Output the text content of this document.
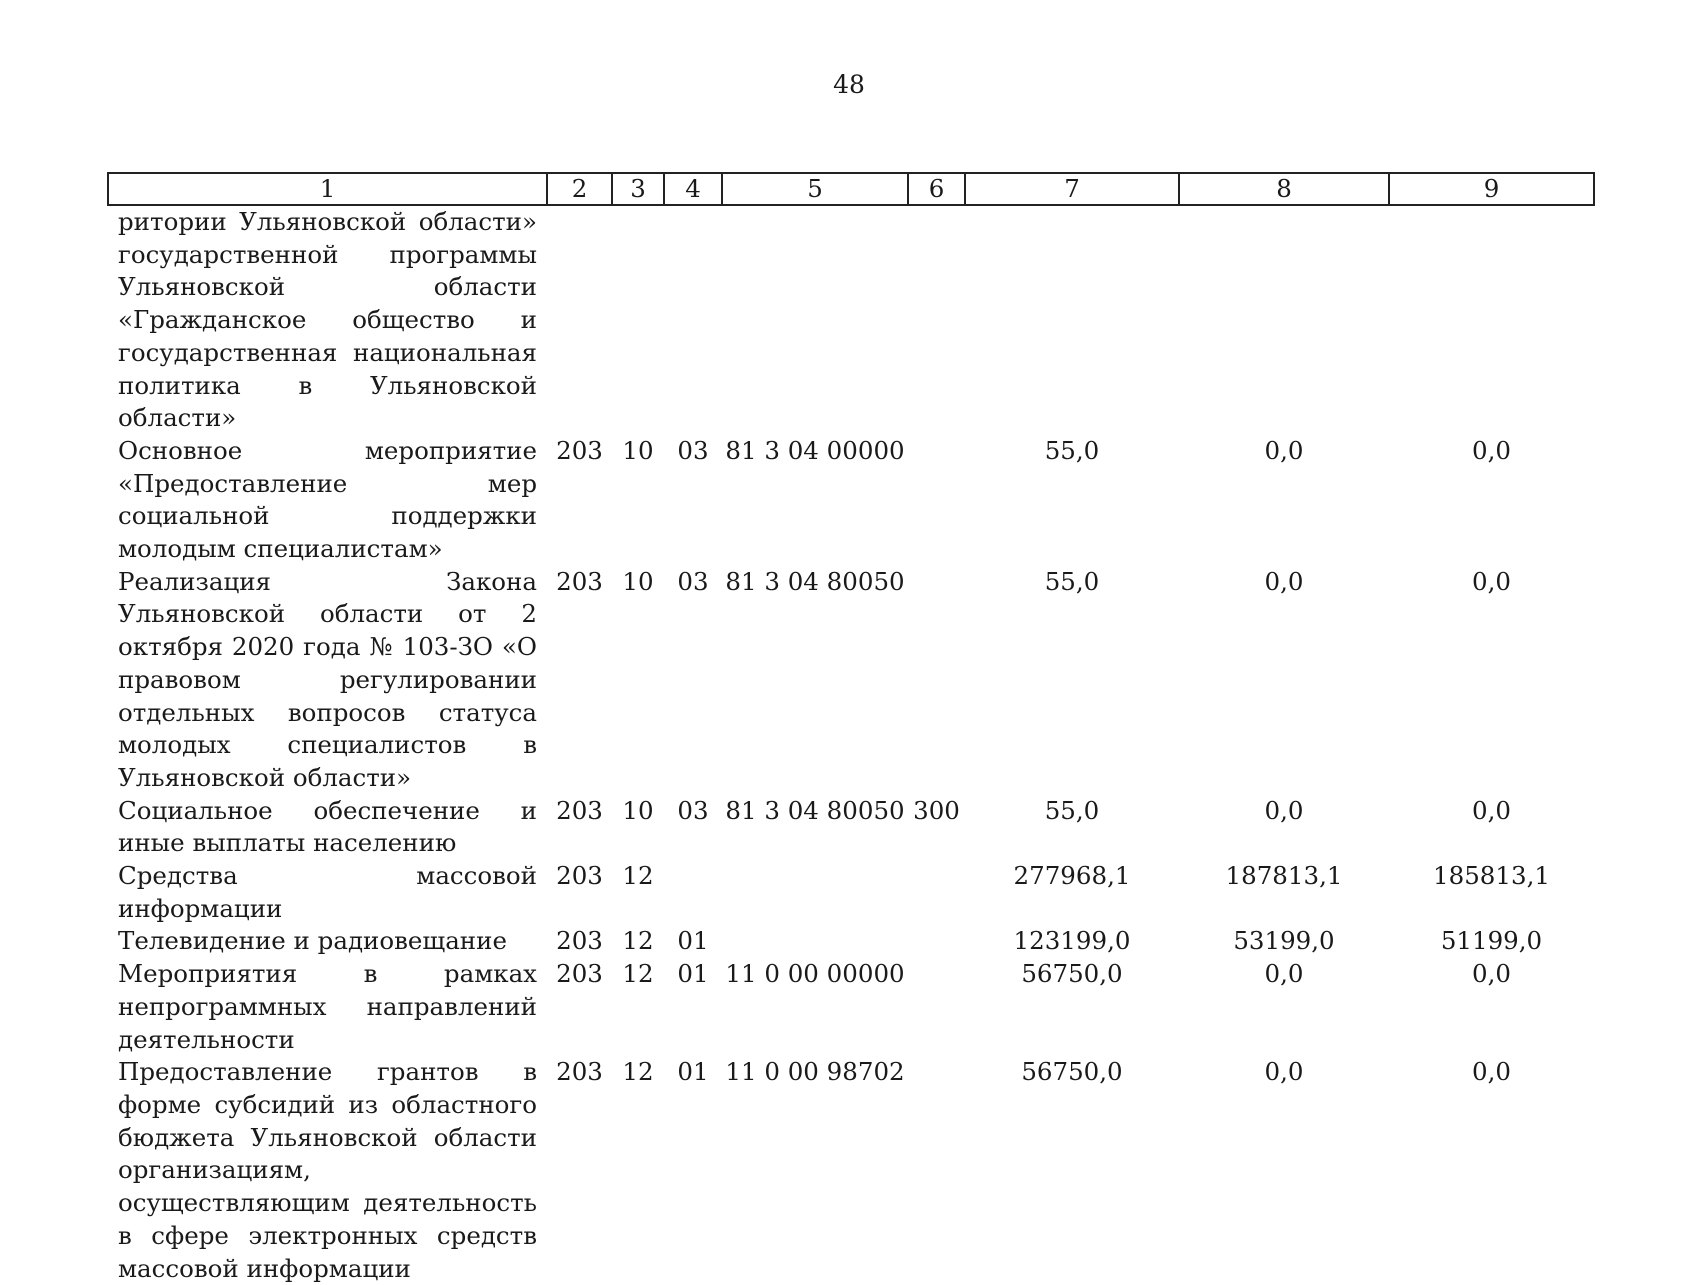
48
1	2	3	4	5	6	7	8	9
ритории Ульяновской области» государственной программы Ульяновской области «Гражданское общество и государственная национальная политика в Ульяновской области»								
Основное мероприятие «Предоставление мер социальной поддержки молодым специалистам»	203	10	03	81 3 04 00000		55,0	0,0	0,0
Реализация Закона Ульяновской области от 2 октября 2020 года № 103-ЗО «О правовом регулировании отдельных вопросов статуса молодых специалистов в Ульяновской области»	203	10	03	81 3 04 80050		55,0	0,0	0,0
Социальное обеспечение и иные выплаты населению	203	10	03	81 3 04 80050	300	55,0	0,0	0,0
Средства массовой информации	203	12				277968,1	187813,1	185813,1
Телевидение и радиовещание	203	12	01			123199,0	53199,0	51199,0
Мероприятия в рамках непрограммных направлений деятельности	203	12	01	11 0 00 00000		56750,0	0,0	0,0
Предоставление грантов в форме субсидий из областного бюджета Ульяновской области организациям, осуществляющим деятельность в сфере электронных средств массовой информации	203	12	01	11 0 00 98702		56750,0	0,0	0,0
